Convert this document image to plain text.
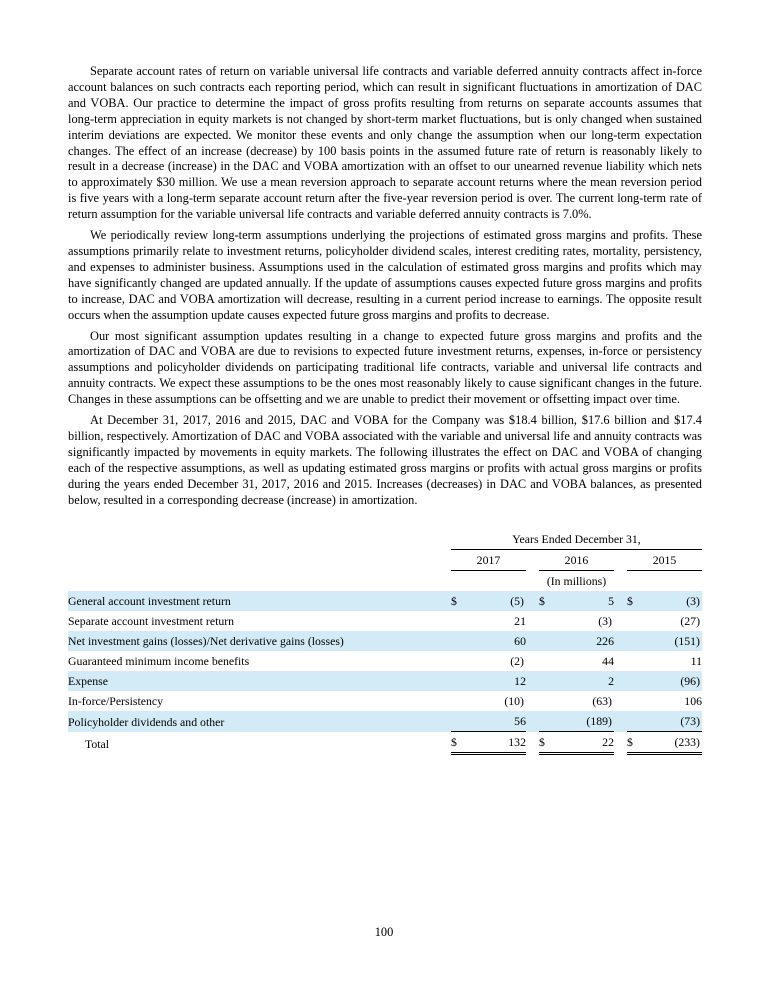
Separate account rates of return on variable universal life contracts and variable deferred annuity contracts affect in-force account balances on such contracts each reporting period, which can result in significant fluctuations in amortization of DAC and VOBA. Our practice to determine the impact of gross profits resulting from returns on separate accounts assumes that long-term appreciation in equity markets is not changed by short-term market fluctuations, but is only changed when sustained interim deviations are expected. We monitor these events and only change the assumption when our long-term expectation changes. The effect of an increase (decrease) by 100 basis points in the assumed future rate of return is reasonably likely to result in a decrease (increase) in the DAC and VOBA amortization with an offset to our unearned revenue liability which nets to approximately $30 million. We use a mean reversion approach to separate account returns where the mean reversion period is five years with a long-term separate account return after the five-year reversion period is over. The current long-term rate of return assumption for the variable universal life contracts and variable deferred annuity contracts is 7.0%.

We periodically review long-term assumptions underlying the projections of estimated gross margins and profits. These assumptions primarily relate to investment returns, policyholder dividend scales, interest crediting rates, mortality, persistency, and expenses to administer business. Assumptions used in the calculation of estimated gross margins and profits which may have significantly changed are updated annually. If the update of assumptions causes expected future gross margins and profits to increase, DAC and VOBA amortization will decrease, resulting in a current period increase to earnings. The opposite result occurs when the assumption update causes expected future gross margins and profits to decrease.

Our most significant assumption updates resulting in a change to expected future gross margins and profits and the amortization of DAC and VOBA are due to revisions to expected future investment returns, expenses, in-force or persistency assumptions and policyholder dividends on participating traditional life contracts, variable and universal life contracts and annuity contracts. We expect these assumptions to be the ones most reasonably likely to cause significant changes in the future. Changes in these assumptions can be offsetting and we are unable to predict their movement or offsetting impact over time.

At December 31, 2017, 2016 and 2015, DAC and VOBA for the Company was $18.4 billion, $17.6 billion and $17.4 billion, respectively. Amortization of DAC and VOBA associated with the variable and universal life and annuity contracts was significantly impacted by movements in equity markets. The following illustrates the effect on DAC and VOBA of changing each of the respective assumptions, as well as updating estimated gross margins or profits with actual gross margins or profits during the years ended December 31, 2017, 2016 and 2015. Increases (decreases) in DAC and VOBA balances, as presented below, resulted in a corresponding decrease (increase) in amortization.

	Years Ended December 31,							
	2017			2016			2015	
	(In millions)							
General account investment return	$	(5)		$	5		$	(3)
Separate account investment return		21			(3)			(27)
Net investment gains (losses)/Net derivative gains (losses)		60			226			(151)
Guaranteed minimum income benefits		(2)			44			11
Expense		12			2			(96)
In-force/Persistency		(10)			(63)			106
Policyholder dividends and other		56			(189)			(73)
Total	$	132		$	22		$	(233)
100
